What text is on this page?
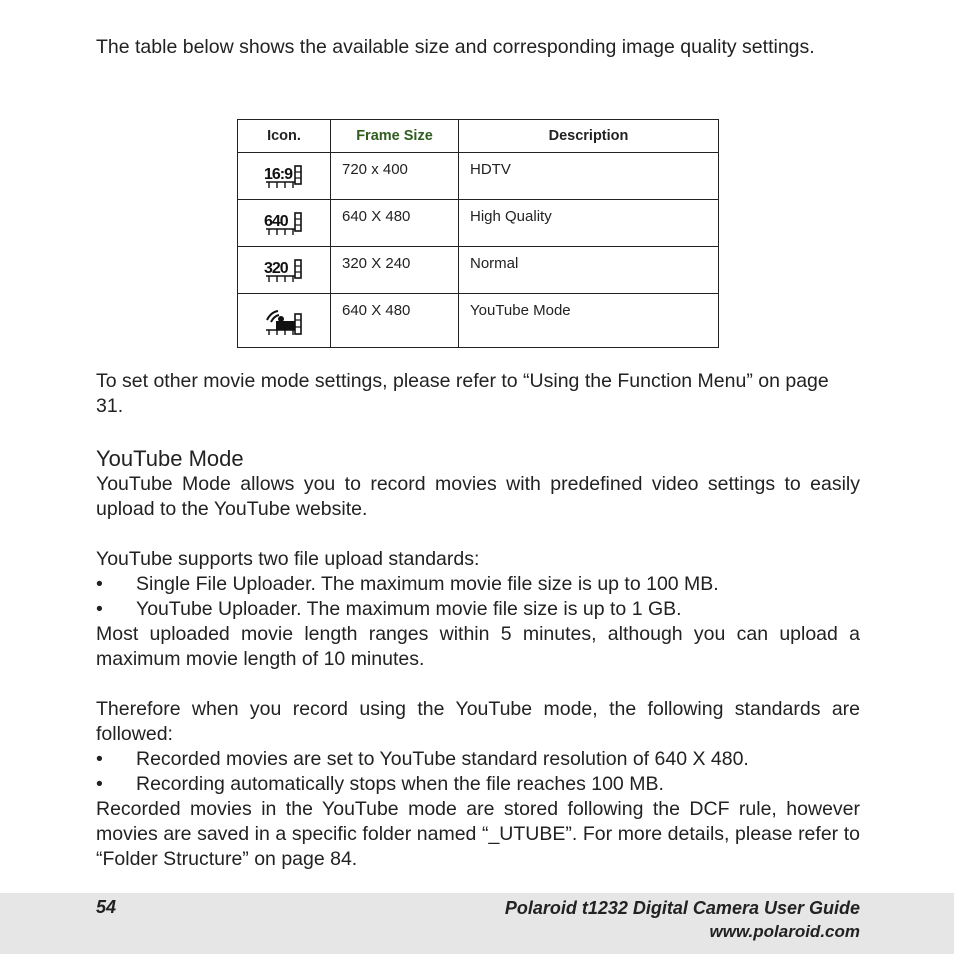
The table below shows the available size and corresponding image quality settings.

Icon.	Frame Size	Description

16:9	720 x 400	HDTV

640	640 X 480	High Quality

320	320 X 240	Normal

	640 X 480	YouTube Mode

To set other movie mode settings, please refer to “Using the Function Menu” on page 31.

YouTube Mode

YouTube Mode allows you to record movies with predefined video settings to easily upload to the YouTube website.

YouTube supports two file upload standards:

• Single File Uploader. The maximum movie file size is up to 100 MB.
• YouTube Uploader. The maximum movie file size is up to 1 GB.

Most uploaded movie length ranges within 5 minutes, although you can upload a maximum movie length of 10 minutes.

Therefore when you record using the YouTube mode, the following standards are followed:

• Recorded movies are set to YouTube standard resolution of 640 X 480.
• Recording automatically stops when the file reaches 100 MB.

Recorded movies in the YouTube mode are stored following the DCF rule, however movies are saved in a specific folder named “_UTUBE”. For more details, please refer to “Folder Structure” on page 84.

54	Polaroid t1232 Digital Camera User Guide
www.polaroid.com
